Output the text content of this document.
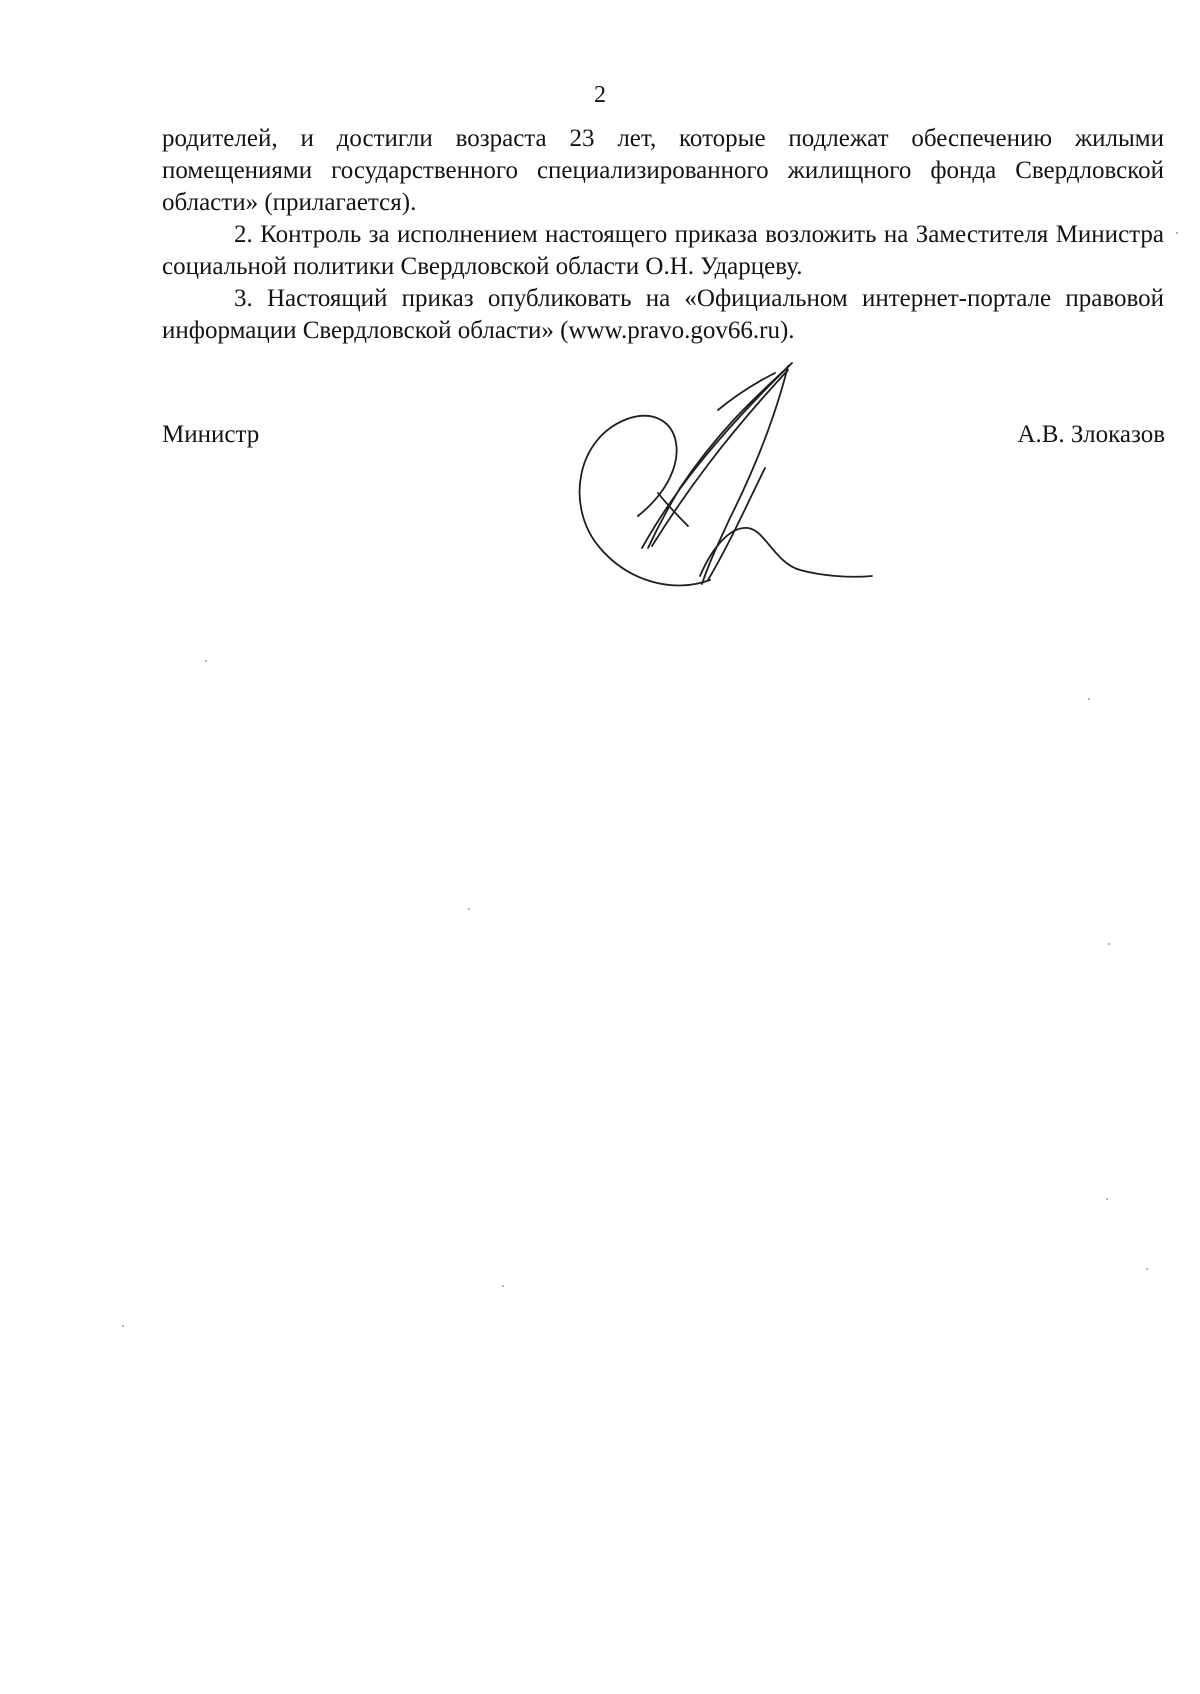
2

родителей, и достигли возраста 23 лет, которые подлежат обеспечению жилыми помещениями государственного специализированного жилищного фонда Свердловской области» (прилагается).

2. Контроль за исполнением настоящего приказа возложить на Заместителя Министра социальной политики Свердловской области О.Н. Ударцеву.

3. Настоящий приказ опубликовать на «Официальном интернет-портале правовой информации Свердловской области» (www.pravo.gov66.ru).

Министр	А.В. Злоказов
